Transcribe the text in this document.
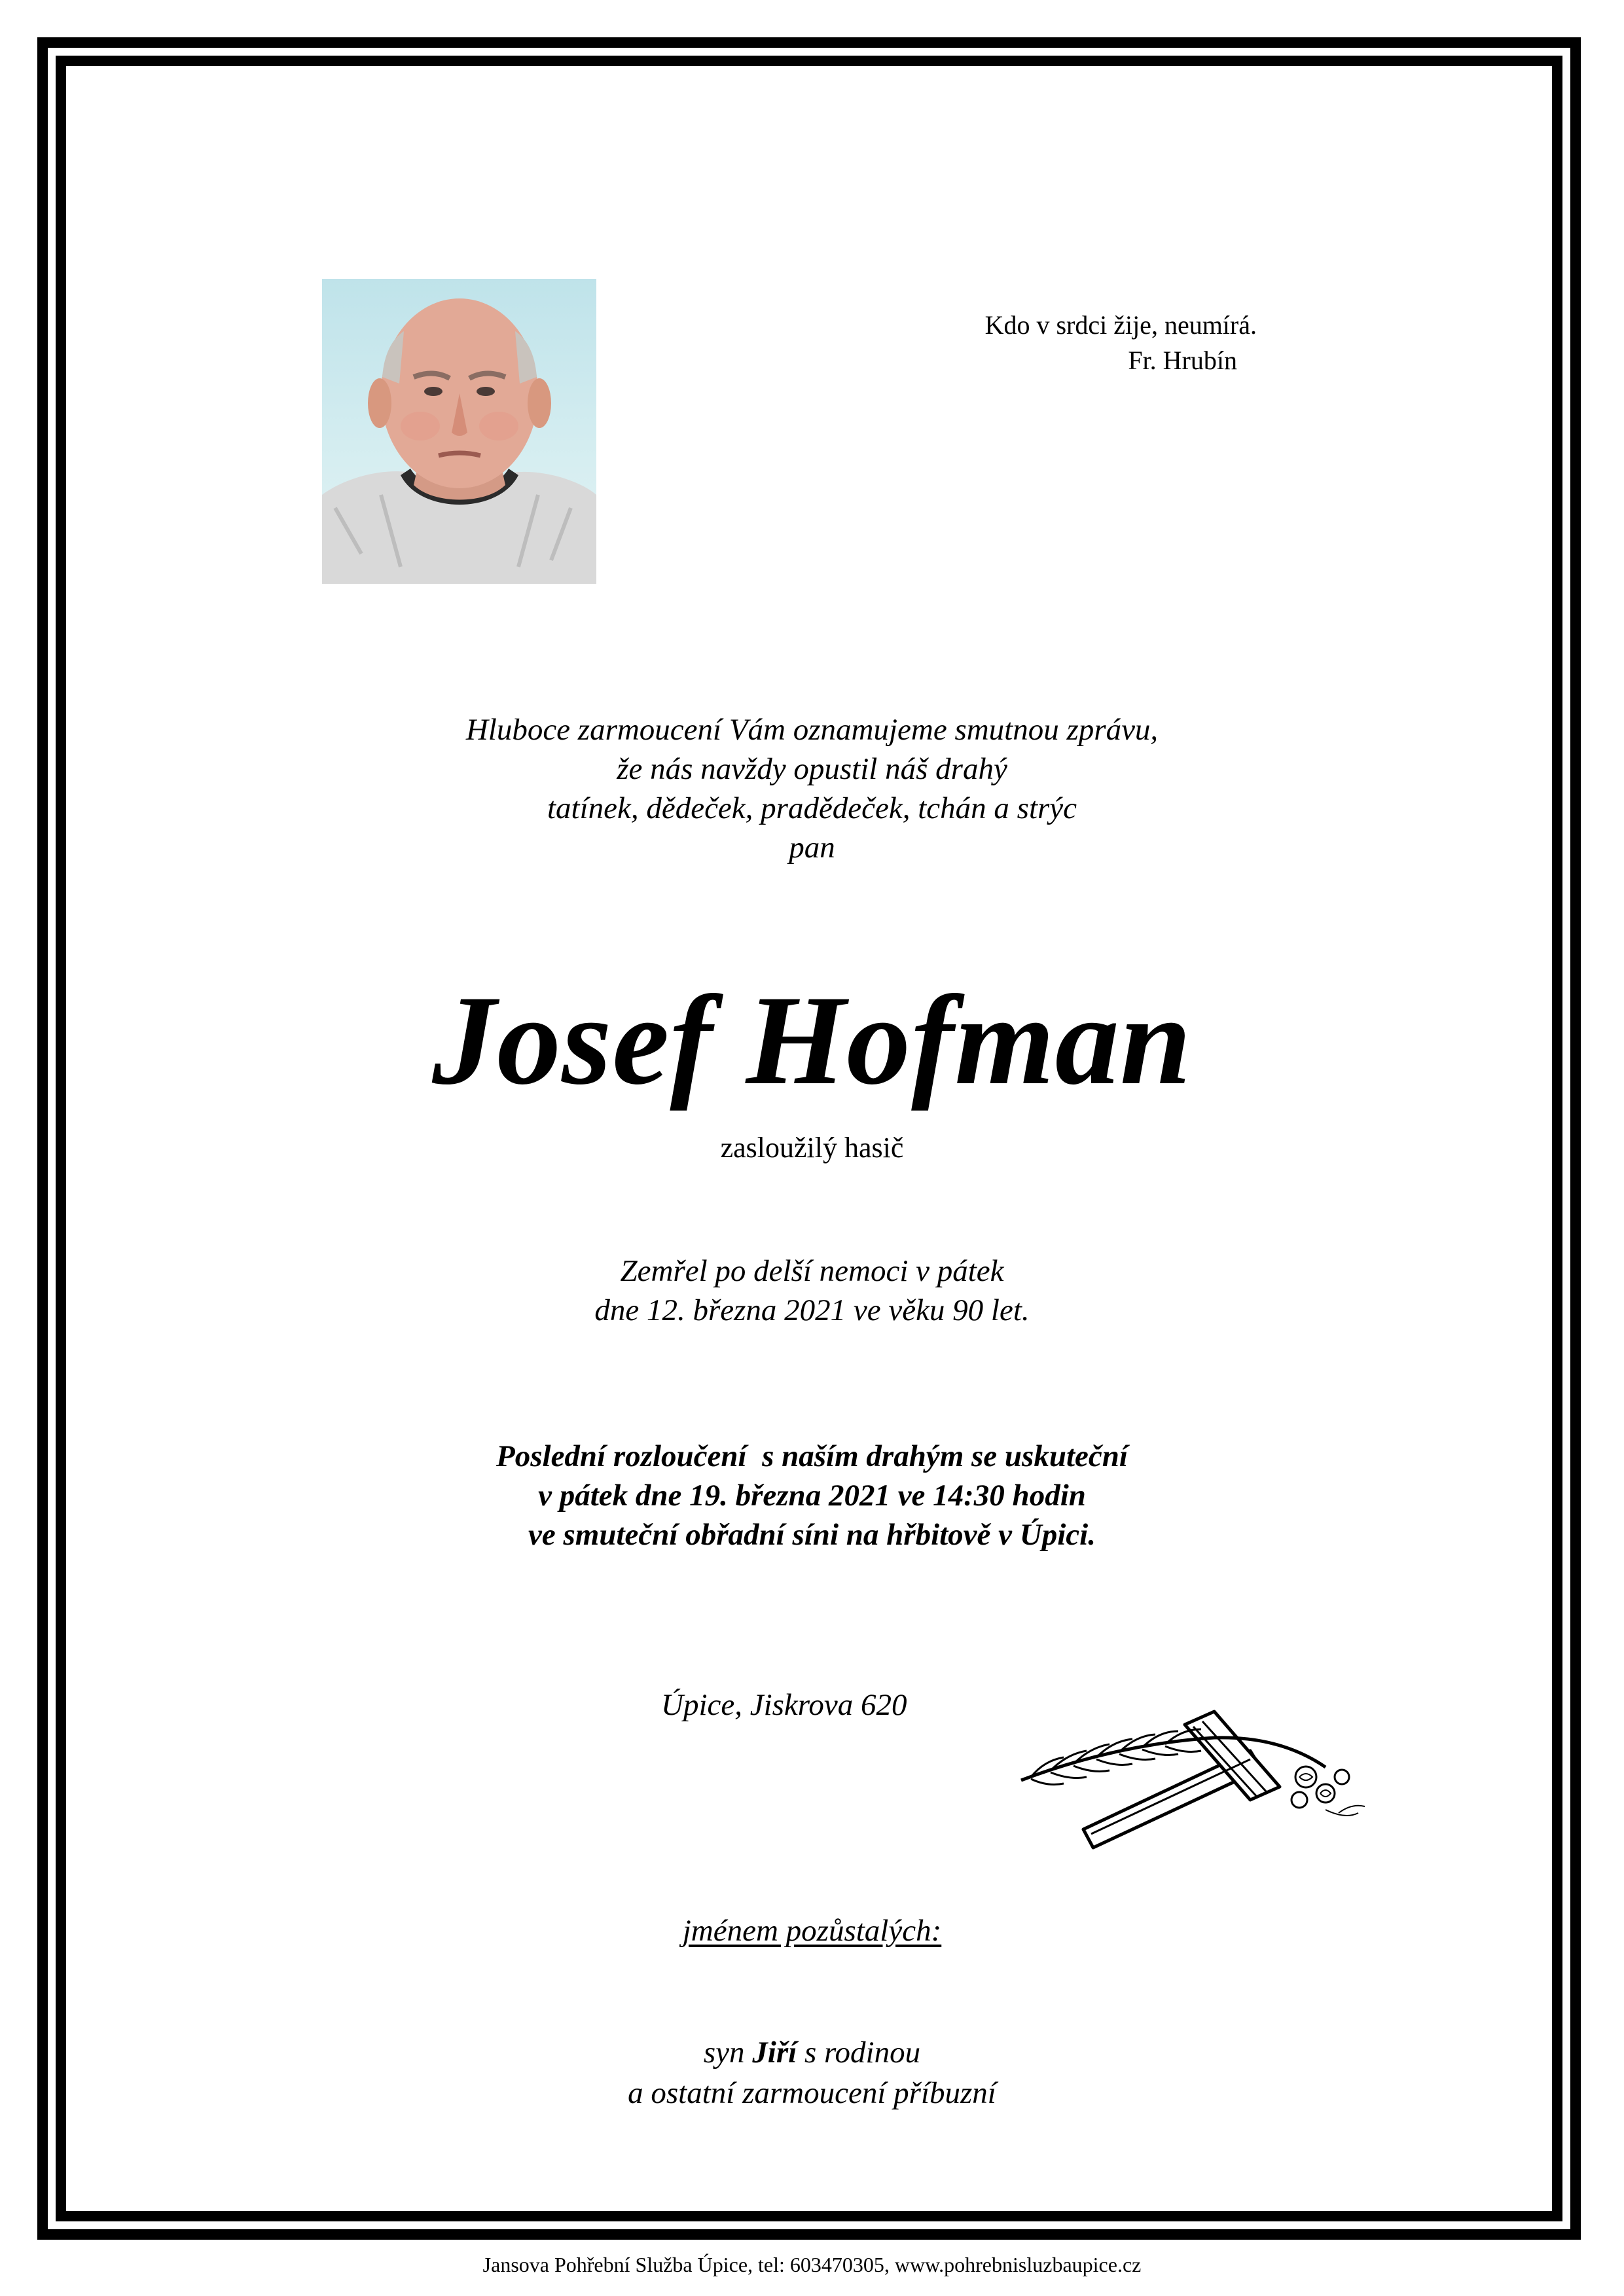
Kdo v srdci žije, neumírá.
Fr. Hrubín
Hluboce zarmoucení Vám oznamujeme smutnou zprávu,
že nás navždy opustil náš drahý
tatínek, dědeček, pradědeček, tchán a strýc
pan
Josef Hofman
zasloužilý hasič
Zemřel po delší nemoci v pátek
dne 12. března 2021 ve věku 90 let.
Poslední rozloučení  s naším drahým se uskuteční
v pátek dne 19. března 2021 ve 14:30 hodin
ve smuteční obřadní síni na hřbitově v Úpici.
Úpice, Jiskrova 620
jménem pozůstalých:
syn Jiří s rodinou
a ostatní zarmoucení příbuzní
Jansova Pohřební Služba Úpice, tel: 603470305, www.pohrebnisluzbaupice.cz
